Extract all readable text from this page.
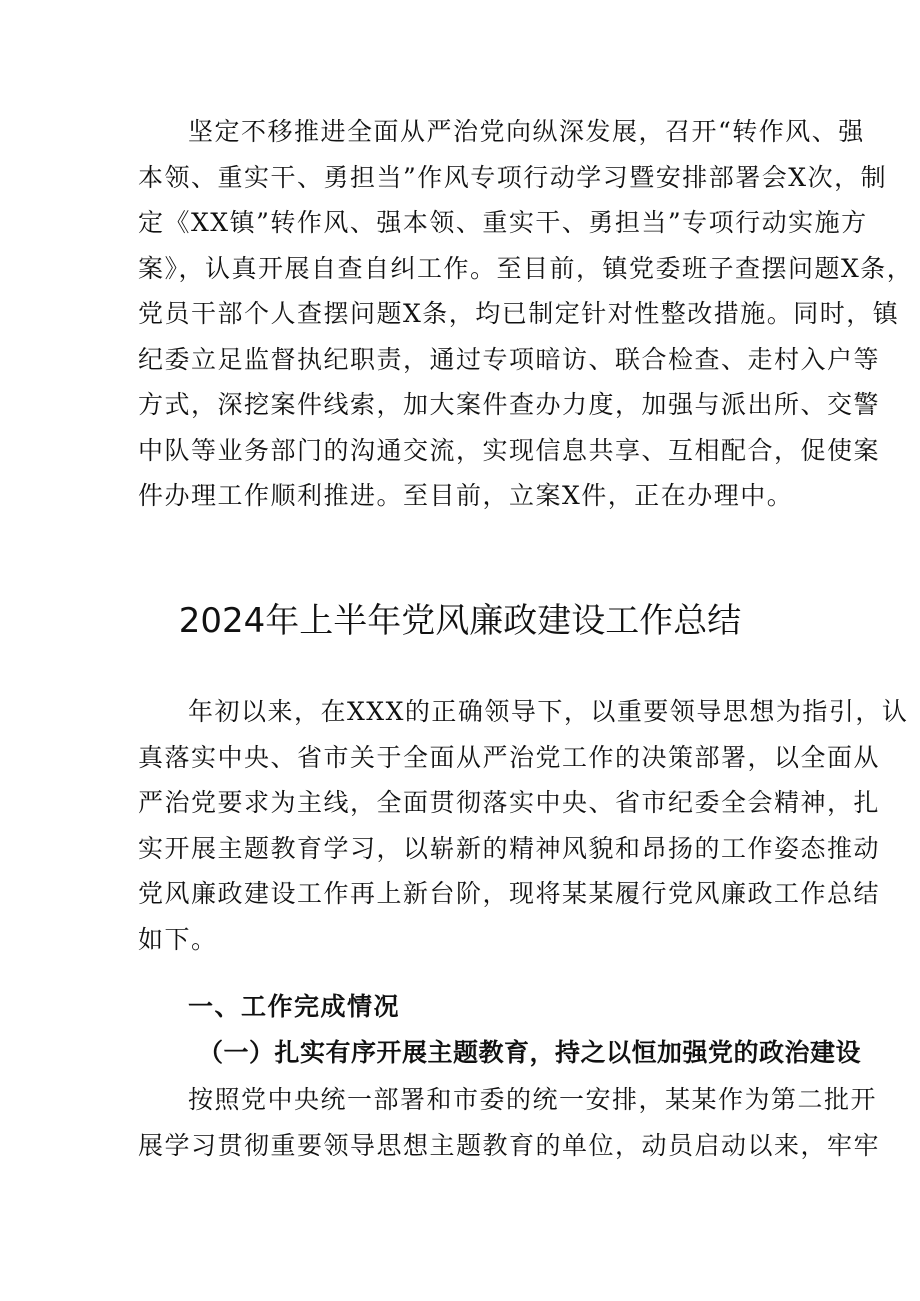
坚定不移推进全面从严治党向纵深发展，召开“转作风、强
本领、重实干、勇担当”作风专项行动学习暨安排部署会X次，制
定《XX镇”转作风、强本领、重实干、勇担当”专项行动实施方
案》，认真开展自查自纠工作。至目前，镇党委班子查摆问题X条，
党员干部个人查摆问题X条，均已制定针对性整改措施。同时，镇
纪委立足监督执纪职责，通过专项暗访、联合检查、走村入户等
方式，深挖案件线索，加大案件查办力度，加强与派出所、交警
中队等业务部门的沟通交流，实现信息共享、互相配合，促使案
件办理工作顺利推进。至目前，立案X件，正在办理中。

2024年上半年党风廉政建设工作总结

年初以来，在XXX的正确领导下，以重要领导思想为指引，认
真落实中央、省市关于全面从严治党工作的决策部署，以全面从
严治党要求为主线，全面贯彻落实中央、省市纪委全会精神，扎
实开展主题教育学习，以崭新的精神风貌和昂扬的工作姿态推动
党风廉政建设工作再上新台阶，现将某某履行党风廉政工作总结
如下。

一、工作完成情况
（一）扎实有序开展主题教育，持之以恒加强党的政治建设

按照党中央统一部署和市委的统一安排，某某作为第二批开
展学习贯彻重要领导思想主题教育的单位，动员启动以来，牢牢
